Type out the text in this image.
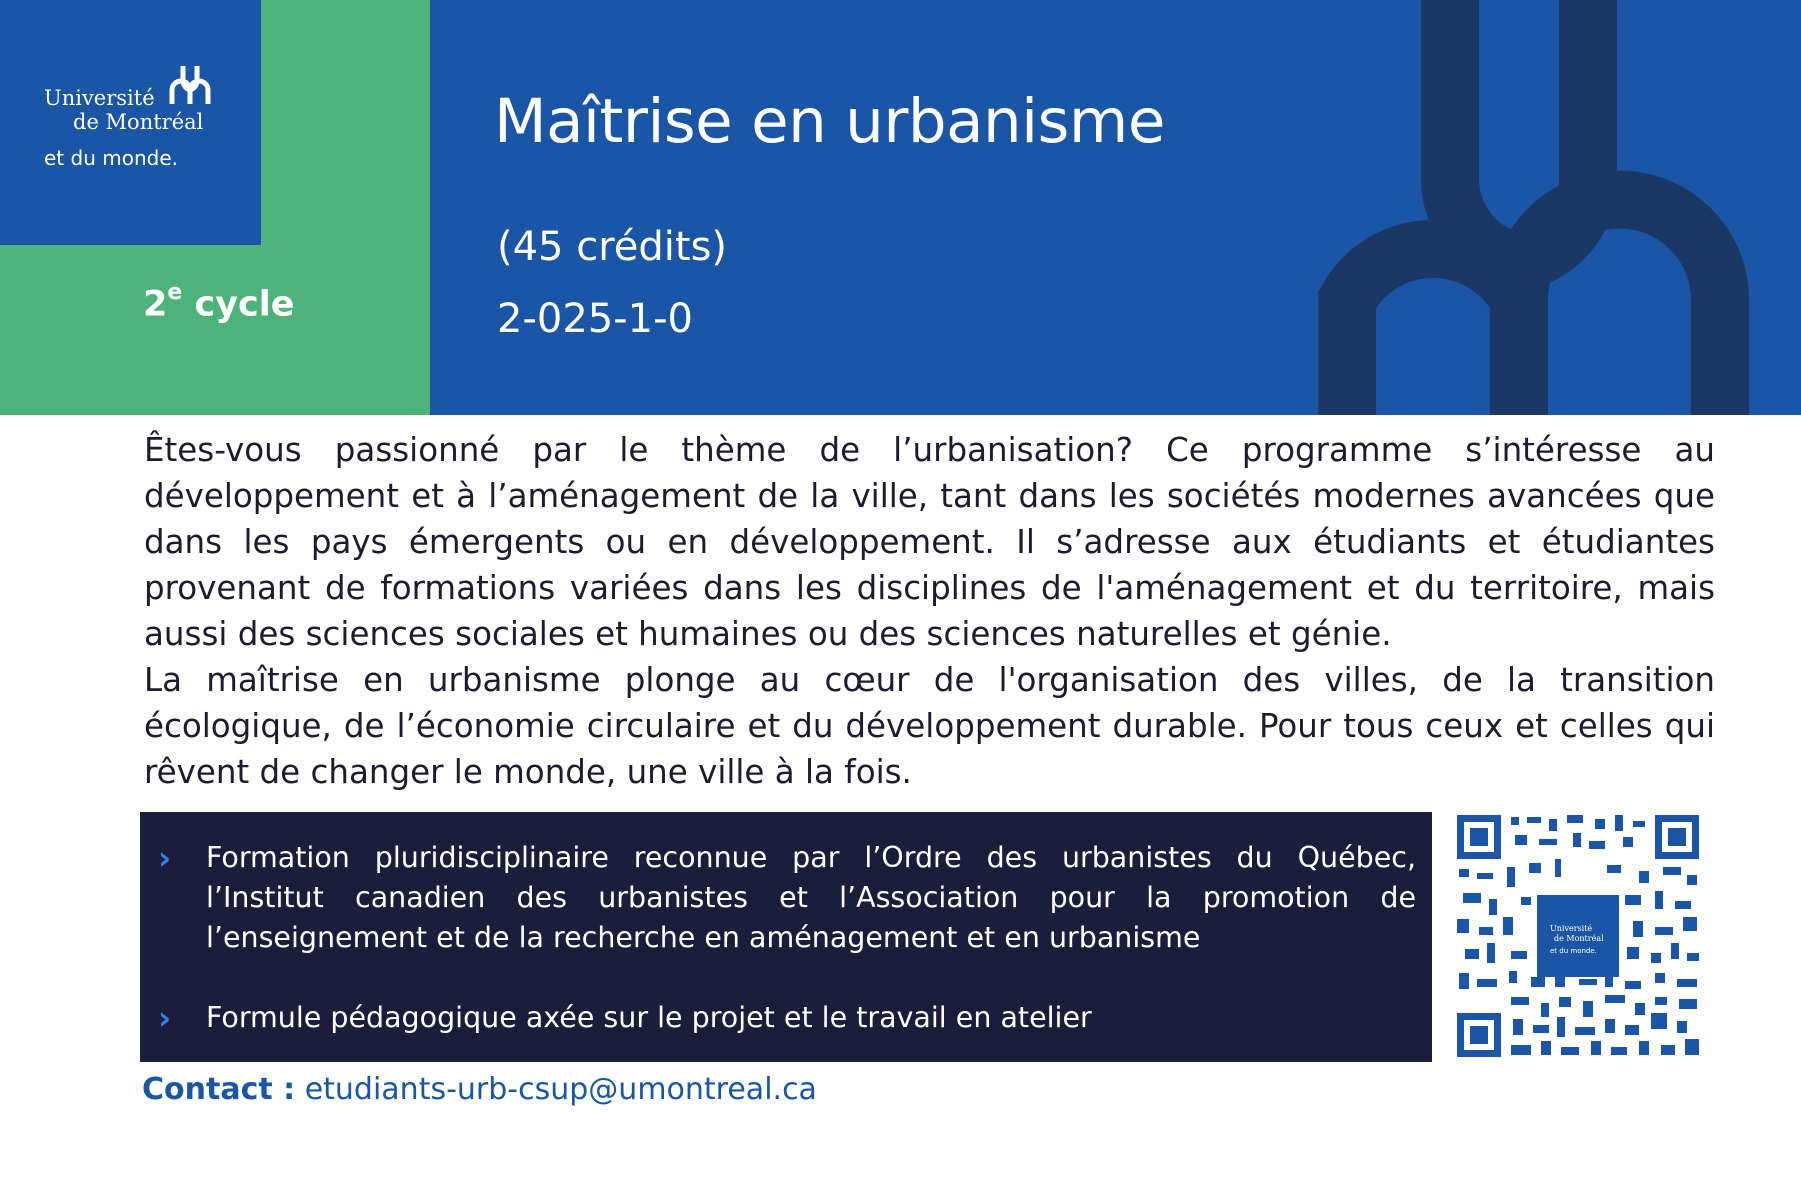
Université
de Montréal
et du monde.
2e cycle
Maîtrise en urbanisme
(45 crédits)
2-025-1-0

Êtes-vous passionné par le thème de l’urbanisation? Ce programme s’intéresse au développement et à l’aménagement de la ville, tant dans les sociétés modernes avancées que dans les pays émergents ou en développement. Il s’adresse aux étudiants et étudiantes provenant de formations variées dans les disciplines de l'aménagement et du territoire, mais aussi des sciences sociales et humaines ou des sciences naturelles et génie.

La maîtrise en urbanisme plonge au cœur de l'organisation des villes, de la transition écologique, de l’économie circulaire et du développement durable. Pour tous ceux et celles qui rêvent de changer le monde, une ville à la fois.

› Formation pluridisciplinaire reconnue par l’Ordre des urbanistes du Québec, l’Institut canadien des urbanistes et l’Association pour la promotion de l’enseignement et de la recherche en aménagement et en urbanisme
› Formule pédagogique axée sur le projet et le travail en atelier
Université
de Montréal
et du monde.
Contact : etudiants-urb-csup@umontreal.ca
